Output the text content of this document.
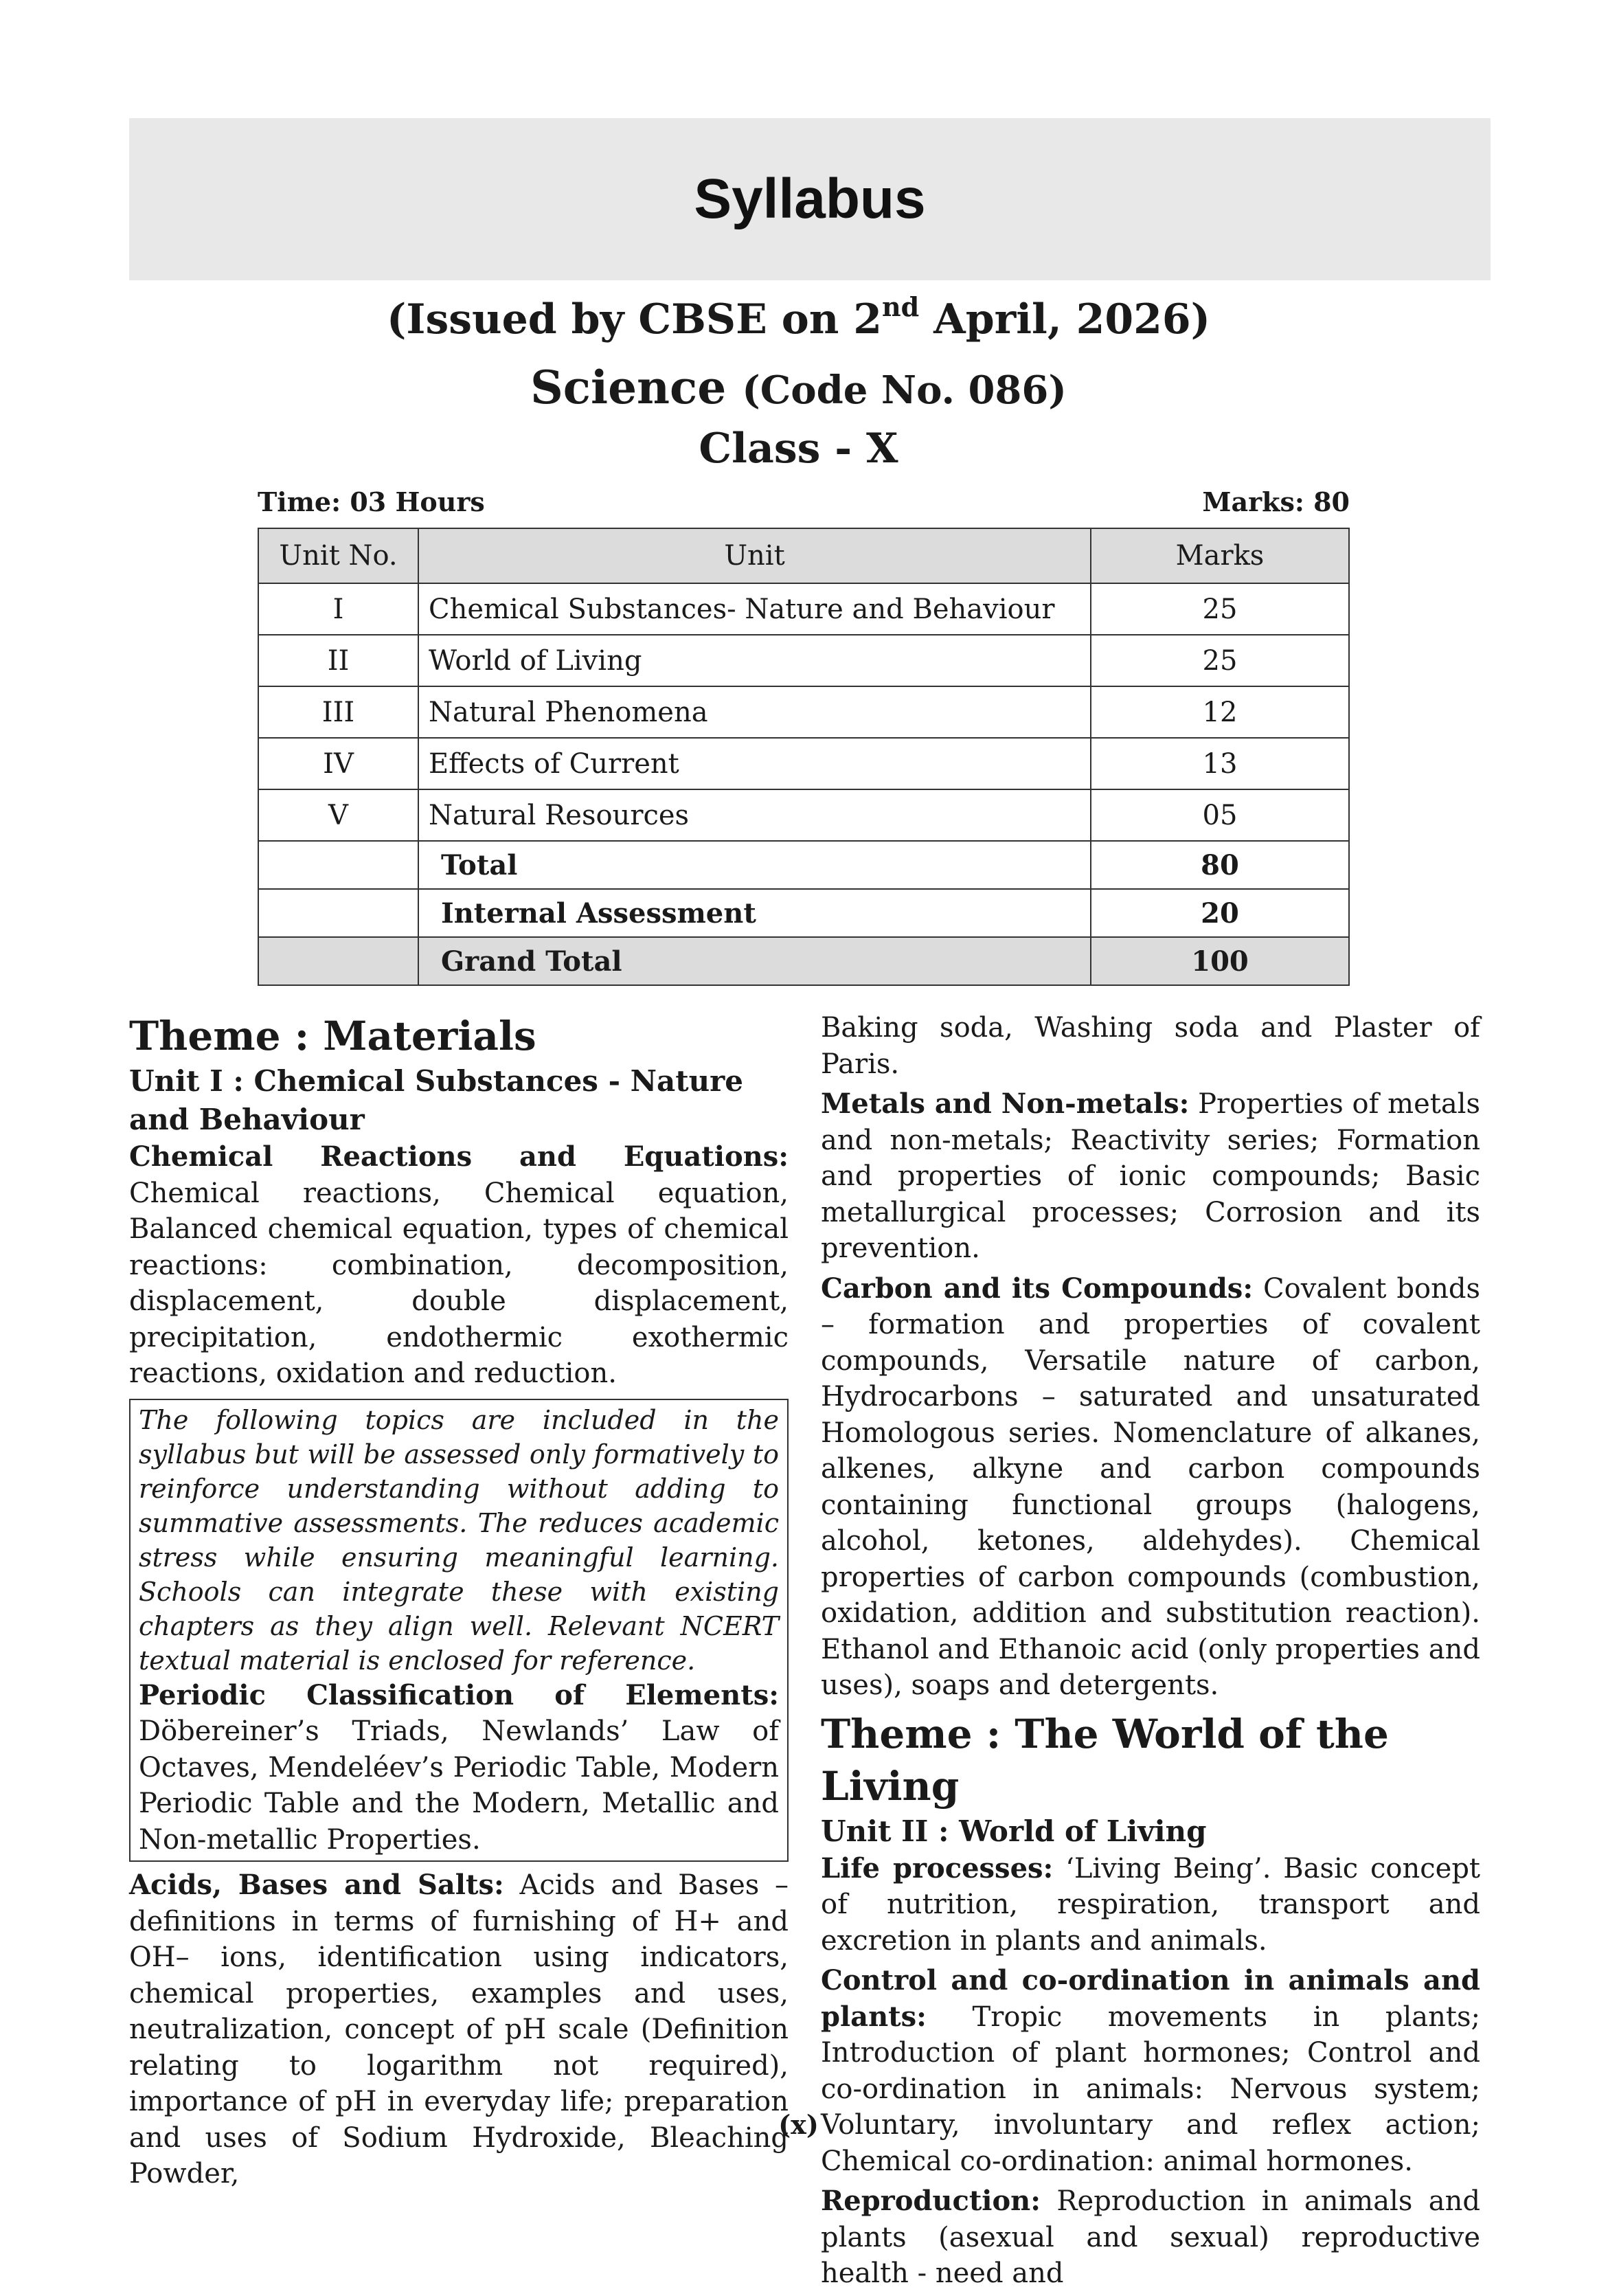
Syllabus

(Issued by CBSE on 2nd April, 2026)

Science (Code No. 086)

Class - X

Time: 03 Hours	Marks: 80
Unit No.	Unit	Marks
I	Chemical Substances- Nature and Behaviour	25
II	World of Living	25
III	Natural Phenomena	12
IV	Effects of Current	13
V	Natural Resources	05
	Total	80
	Internal Assessment	20
	Grand Total	100
Theme : Materials
Unit I : Chemical Substances - Nature and Behaviour

Chemical Reactions and Equations: Chemical reactions, Chemical equation, Balanced chemical equation, types of chemical reactions: combination, decomposition, displacement, double displacement, precipitation, endothermic exothermic reactions, oxidation and reduction.

The following topics are included in the syllabus but will be assessed only formatively to reinforce understanding without adding to summative assessments. The reduces academic stress while ensuring meaningful learning. Schools can integrate these with existing chapters as they align well. Relevant NCERT textual material is enclosed for reference.

Periodic Classification of Elements: Döbereiner’s Triads, Newlands’ Law of Octaves, Mendeléev’s Periodic Table, Modern Periodic Table and the Modern, Metallic and Non-metallic Properties.

Acids, Bases and Salts: Acids and Bases – definitions in terms of furnishing of H+ and OH– ions, identification using indicators, chemical properties, examples and uses, neutralization, concept of pH scale (Definition relating to logarithm not required), importance of pH in everyday life; preparation and uses of Sodium Hydroxide, Bleaching Powder,

Baking soda, Washing soda and Plaster of Paris.

Metals and Non-metals: Properties of metals and non-metals; Reactivity series; Formation and properties of ionic compounds; Basic metallurgical processes; Corrosion and its prevention.

Carbon and its Compounds: Covalent bonds – formation and properties of covalent compounds, Versatile nature of carbon, Hydrocarbons – saturated and unsaturated Homologous series. Nomenclature of alkanes, alkenes, alkyne and carbon compounds containing functional groups (halogens, alcohol, ketones, aldehydes). Chemical properties of carbon compounds (combustion, oxidation, addition and substitution reaction). Ethanol and Ethanoic acid (only properties and uses), soaps and detergents.

Theme : The World of the Living
Unit II : World of Living

Life processes: ‘Living Being’. Basic concept of nutrition, respiration, transport and excretion in plants and animals.

Control and co-ordination in animals and plants: Tropic movements in plants; Introduction of plant hormones; Control and co-ordination in animals: Nervous system; Voluntary, involuntary and reflex action; Chemical co-ordination: animal hormones.

Reproduction: Reproduction in animals and plants (asexual and sexual) reproductive health - need and

(x)
